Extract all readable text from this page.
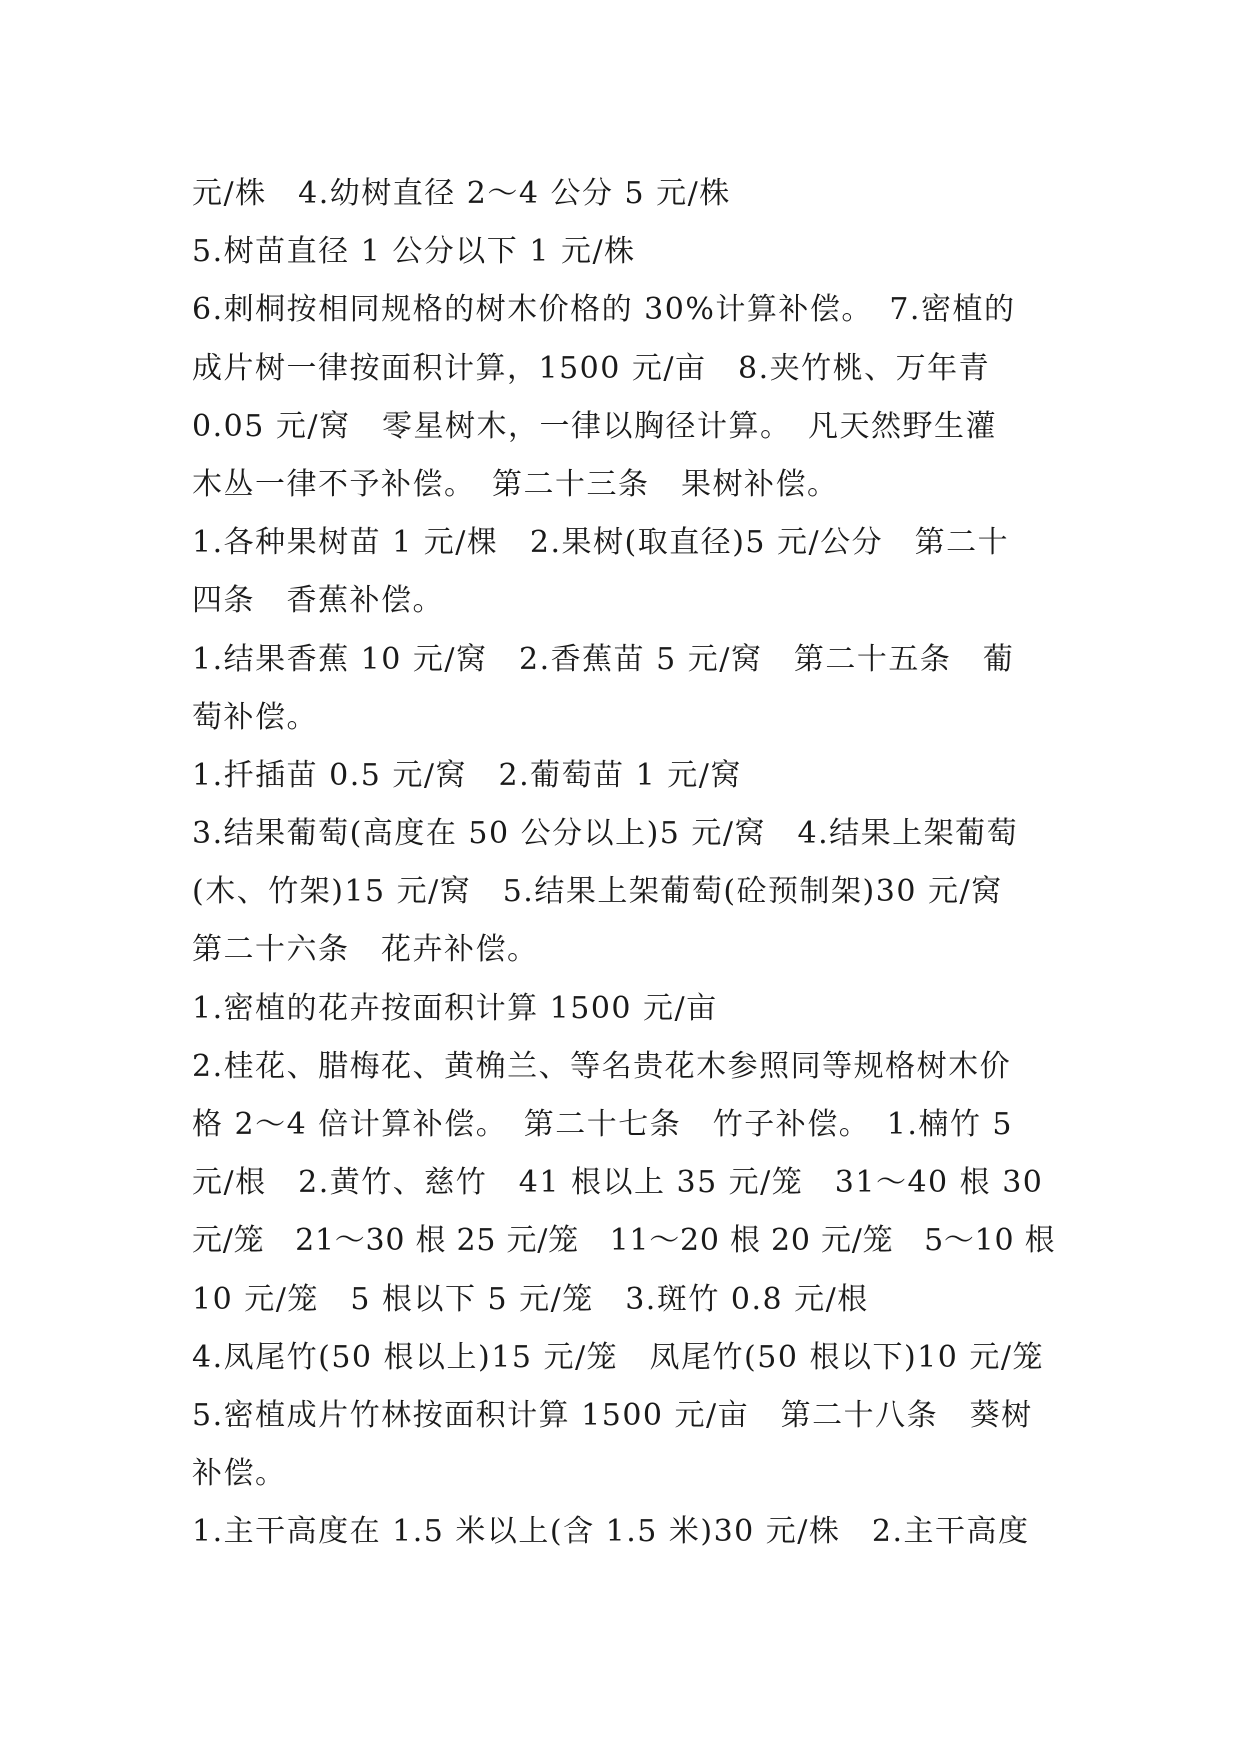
元/株　4.幼树直径 2～4 公分 5 元/株

5.树苗直径 1 公分以下 1 元/株

6.刺桐按相同规格的树木价格的 30%计算补偿。　7.密植的

成片树一律按面积计算，1500 元/亩　8.夹竹桃、万年青

0.05 元/窝　零星树木，一律以胸径计算。　凡天然野生灌

木丛一律不予补偿。　第二十三条　果树补偿。

1.各种果树苗 1 元/棵　2.果树(取直径)5 元/公分　第二十

四条　香蕉补偿。

1.结果香蕉 10 元/窝　2.香蕉苗 5 元/窝　第二十五条　葡

萄补偿。

1.扦插苗 0.5 元/窝　2.葡萄苗 1 元/窝

3.结果葡萄(高度在 50 公分以上)5 元/窝　4.结果上架葡萄

(木、竹架)15 元/窝　5.结果上架葡萄(砼预制架)30 元/窝

第二十六条　花卉补偿。

1.密植的花卉按面积计算 1500 元/亩

2.桂花、腊梅花、黄桷兰、等名贵花木参照同等规格树木价

格 2～4 倍计算补偿。　第二十七条　竹子补偿。　1.楠竹 5

元/根　2.黄竹、慈竹　41 根以上 35 元/笼　31～40 根 30

元/笼　21～30 根 25 元/笼　11～20 根 20 元/笼　5～10 根

10 元/笼　5 根以下 5 元/笼　3.斑竹 0.8 元/根

4.凤尾竹(50 根以上)15 元/笼　凤尾竹(50 根以下)10 元/笼

5.密植成片竹林按面积计算 1500 元/亩　第二十八条　葵树

补偿。

1.主干高度在 1.5 米以上(含 1.5 米)30 元/株　2.主干高度
